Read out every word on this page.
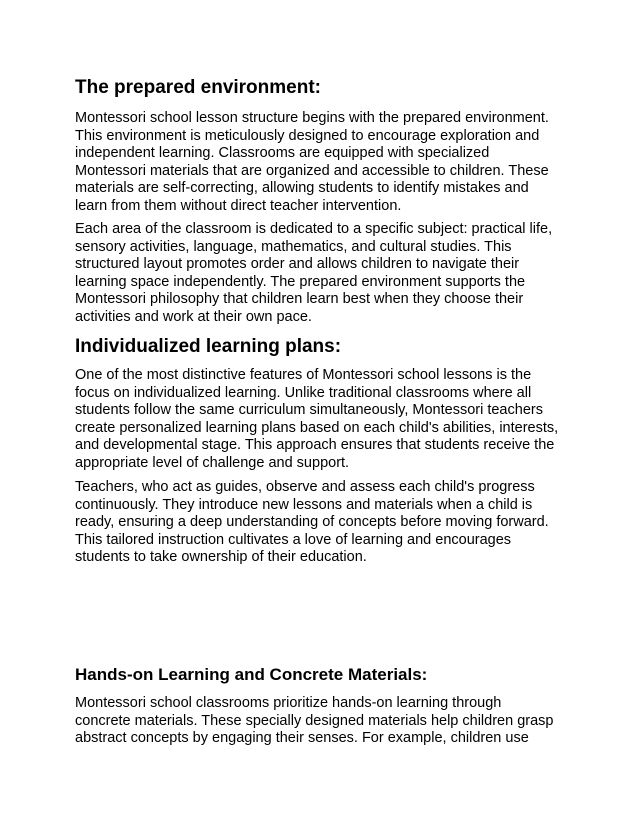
The prepared environment:

Montessori school lesson structure begins with the prepared environment.
This environment is meticulously designed to encourage exploration and
independent learning. Classrooms are equipped with specialized
Montessori materials that are organized and accessible to children. These
materials are self-correcting, allowing students to identify mistakes and
learn from them without direct teacher intervention.

Each area of the classroom is dedicated to a specific subject: practical life,
sensory activities, language, mathematics, and cultural studies. This
structured layout promotes order and allows children to navigate their
learning space independently. The prepared environment supports the
Montessori philosophy that children learn best when they choose their
activities and work at their own pace.

Individualized learning plans:

One of the most distinctive features of Montessori school lessons is the
focus on individualized learning. Unlike traditional classrooms where all
students follow the same curriculum simultaneously, Montessori teachers
create personalized learning plans based on each child's abilities, interests,
and developmental stage. This approach ensures that students receive the
appropriate level of challenge and support.

Teachers, who act as guides, observe and assess each child's progress
continuously. They introduce new lessons and materials when a child is
ready, ensuring a deep understanding of concepts before moving forward.
This tailored instruction cultivates a love of learning and encourages
students to take ownership of their education.

Hands-on Learning and Concrete Materials:

Montessori school classrooms prioritize hands-on learning through
concrete materials. These specially designed materials help children grasp
abstract concepts by engaging their senses. For example, children use
